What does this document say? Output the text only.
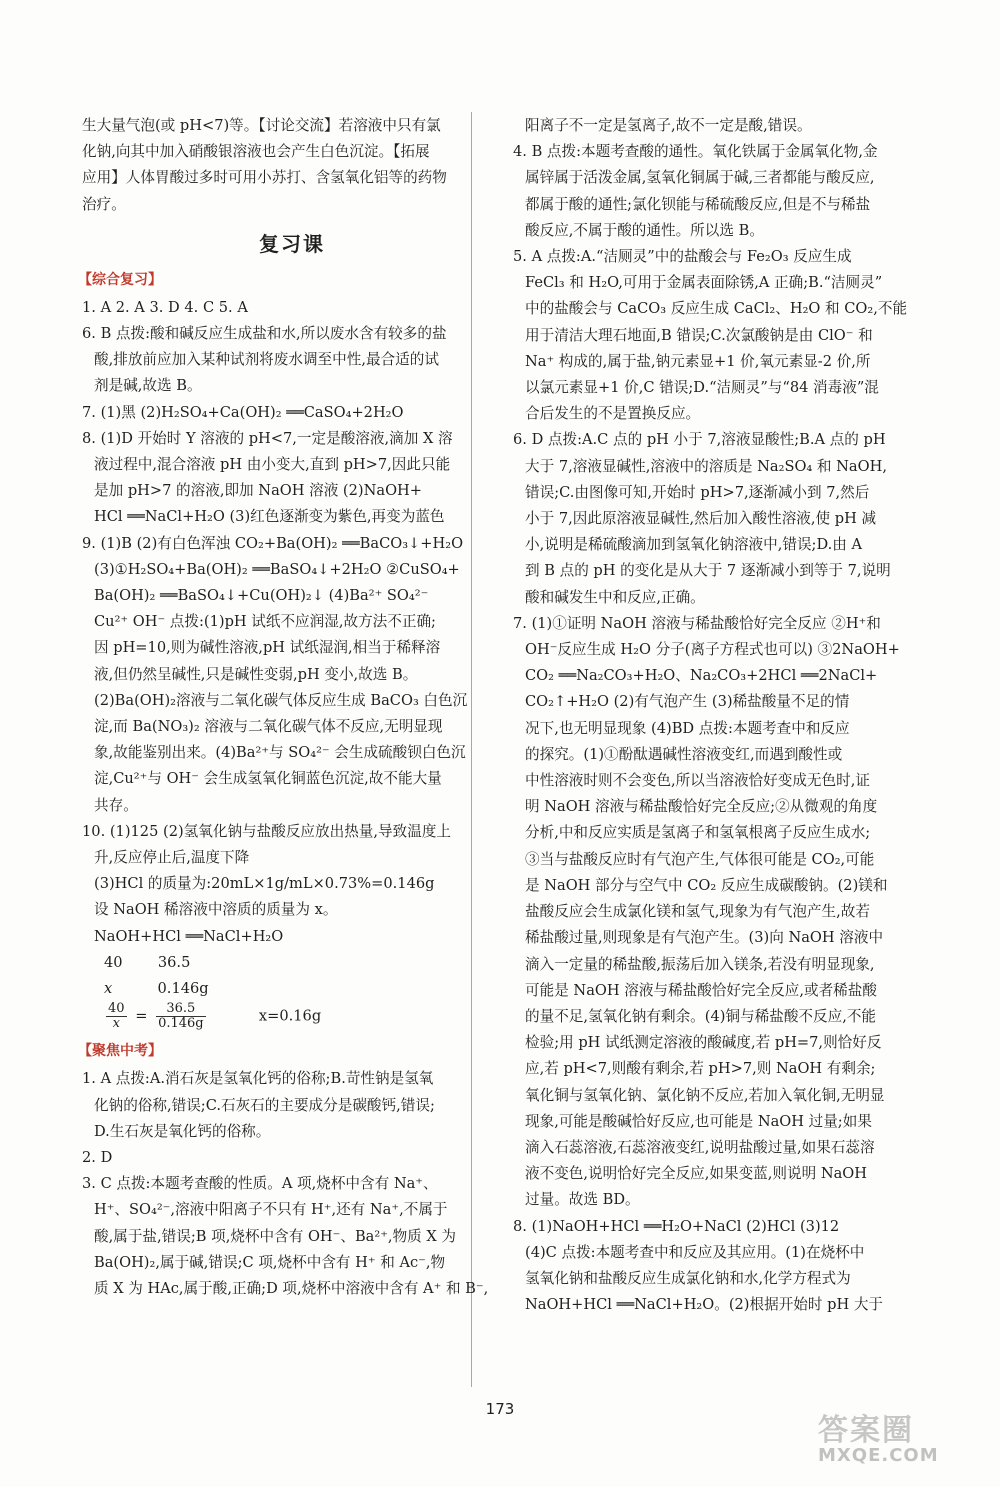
生大量气泡(或 pH<7)等。【讨论交流】若溶液中只有氯

化钠,向其中加入硝酸银溶液也会产生白色沉淀。【拓展

应用】人体胃酸过多时可用小苏打、含氢氧化铝等的药物

治疗。

复习课
【综合复习】

1. A 2. A 3. D 4. C 5. A

6. B 点拨:酸和碱反应生成盐和水,所以废水含有较多的盐

酸,排放前应加入某种试剂将废水调至中性,最合适的试

剂是碱,故选 B。

7. (1)黑 (2)H₂SO₄+Ca(OH)₂ ══CaSO₄+2H₂O

8. (1)D 开始时 Y 溶液的 pH<7,一定是酸溶液,滴加 X 溶

液过程中,混合溶液 pH 由小变大,直到 pH>7,因此只能

是加 pH>7 的溶液,即加 NaOH 溶液 (2)NaOH+

HCl ══NaCl+H₂O (3)红色逐渐变为紫色,再变为蓝色

9. (1)B (2)有白色浑浊 CO₂+Ba(OH)₂ ══BaCO₃↓+H₂O

(3)①H₂SO₄+Ba(OH)₂ ══BaSO₄↓+2H₂O ②CuSO₄+

Ba(OH)₂ ══BaSO₄↓+Cu(OH)₂↓ (4)Ba²⁺ SO₄²⁻

Cu²⁺ OH⁻ 点拨:(1)pH 试纸不应润湿,故方法不正确;

因 pH=10,则为碱性溶液,pH 试纸湿润,相当于稀释溶

液,但仍然呈碱性,只是碱性变弱,pH 变小,故选 B。

(2)Ba(OH)₂溶液与二氧化碳气体反应生成 BaCO₃ 白色沉

淀,而 Ba(NO₃)₂ 溶液与二氧化碳气体不反应,无明显现

象,故能鉴别出来。(4)Ba²⁺与 SO₄²⁻ 会生成硫酸钡白色沉

淀,Cu²⁺与 OH⁻ 会生成氢氧化铜蓝色沉淀,故不能大量

共存。

10. (1)125 (2)氢氧化钠与盐酸反应放出热量,导致温度上

升,反应停止后,温度下降

(3)HCl 的质量为:20mL×1g/mL×0.73%=0.146g

设 NaOH 稀溶液中溶质的质量为 x。

NaOH+HCl ══NaCl+H₂O

40 36.5
x	0.146g
$\frac{40}{x} = \frac{36.5}{0.146g}$	x=0.16g
【聚焦中考】

1. A 点拨:A.消石灰是氢氧化钙的俗称;B.苛性钠是氢氧

化钠的俗称,错误;C.石灰石的主要成分是碳酸钙,错误;

D.生石灰是氧化钙的俗称。

2. D

3. C 点拨:本题考查酸的性质。A 项,烧杯中含有 Na⁺、

H⁺、SO₄²⁻,溶液中阳离子不只有 H⁺,还有 Na⁺,不属于

酸,属于盐,错误;B 项,烧杯中含有 OH⁻、Ba²⁺,物质 X 为

Ba(OH)₂,属于碱,错误;C 项,烧杯中含有 H⁺ 和 Ac⁻,物

质 X 为 HAc,属于酸,正确;D 项,烧杯中溶液中含有 A⁺ 和 B⁻,

阳离子不一定是氢离子,故不一定是酸,错误。

4. B 点拨:本题考查酸的通性。氧化铁属于金属氧化物,金

属锌属于活泼金属,氢氧化铜属于碱,三者都能与酸反应,

都属于酸的通性;氯化钡能与稀硫酸反应,但是不与稀盐

酸反应,不属于酸的通性。所以选 B。

5. A 点拨:A.“洁厕灵”中的盐酸会与 Fe₂O₃ 反应生成

FeCl₃ 和 H₂O,可用于金属表面除锈,A 正确;B.“洁厕灵”

中的盐酸会与 CaCO₃ 反应生成 CaCl₂、H₂O 和 CO₂,不能

用于清洁大理石地面,B 错误;C.次氯酸钠是由 ClO⁻ 和

Na⁺ 构成的,属于盐,钠元素显+1 价,氧元素显-2 价,所

以氯元素显+1 价,C 错误;D.“洁厕灵”与“84 消毒液”混

合后发生的不是置换反应。

6. D 点拨:A.C 点的 pH 小于 7,溶液显酸性;B.A 点的 pH

大于 7,溶液显碱性,溶液中的溶质是 Na₂SO₄ 和 NaOH,

错误;C.由图像可知,开始时 pH>7,逐渐减小到 7,然后

小于 7,因此原溶液显碱性,然后加入酸性溶液,使 pH 减

小,说明是稀硫酸滴加到氢氧化钠溶液中,错误;D.由 A

到 B 点的 pH 的变化是从大于 7 逐渐减小到等于 7,说明

酸和碱发生中和反应,正确。

7. (1)①证明 NaOH 溶液与稀盐酸恰好完全反应 ②H⁺和

OH⁻反应生成 H₂O 分子(离子方程式也可以) ③2NaOH+

CO₂ ══Na₂CO₃+H₂O、Na₂CO₃+2HCl ══2NaCl+

CO₂↑+H₂O (2)有气泡产生 (3)稀盐酸量不足的情

况下,也无明显现象 (4)BD 点拨:本题考查中和反应

的探究。(1)①酚酞遇碱性溶液变红,而遇到酸性或

中性溶液时则不会变色,所以当溶液恰好变成无色时,证

明 NaOH 溶液与稀盐酸恰好完全反应;②从微观的角度

分析,中和反应实质是氢离子和氢氧根离子反应生成水;

③当与盐酸反应时有气泡产生,气体很可能是 CO₂,可能

是 NaOH 部分与空气中 CO₂ 反应生成碳酸钠。(2)镁和

盐酸反应会生成氯化镁和氢气,现象为有气泡产生,故若

稀盐酸过量,则现象是有气泡产生。(3)向 NaOH 溶液中

滴入一定量的稀盐酸,振荡后加入镁条,若没有明显现象,

可能是 NaOH 溶液与稀盐酸恰好完全反应,或者稀盐酸

的量不足,氢氧化钠有剩余。(4)铜与稀盐酸不反应,不能

检验;用 pH 试纸测定溶液的酸碱度,若 pH=7,则恰好反

应,若 pH<7,则酸有剩余,若 pH>7,则 NaOH 有剩余;

氧化铜与氢氧化钠、氯化钠不反应,若加入氧化铜,无明显

现象,可能是酸碱恰好反应,也可能是 NaOH 过量;如果

滴入石蕊溶液,石蕊溶液变红,说明盐酸过量,如果石蕊溶

液不变色,说明恰好完全反应,如果变蓝,则说明 NaOH

过量。故选 BD。

8. (1)NaOH+HCl ══H₂O+NaCl (2)HCl (3)12

(4)C 点拨:本题考查中和反应及其应用。(1)在烧杯中

氢氧化钠和盐酸反应生成氯化钠和水,化学方程式为

NaOH+HCl ══NaCl+H₂O。(2)根据开始时 pH 大于

173
答案圈
MXQE.COM
